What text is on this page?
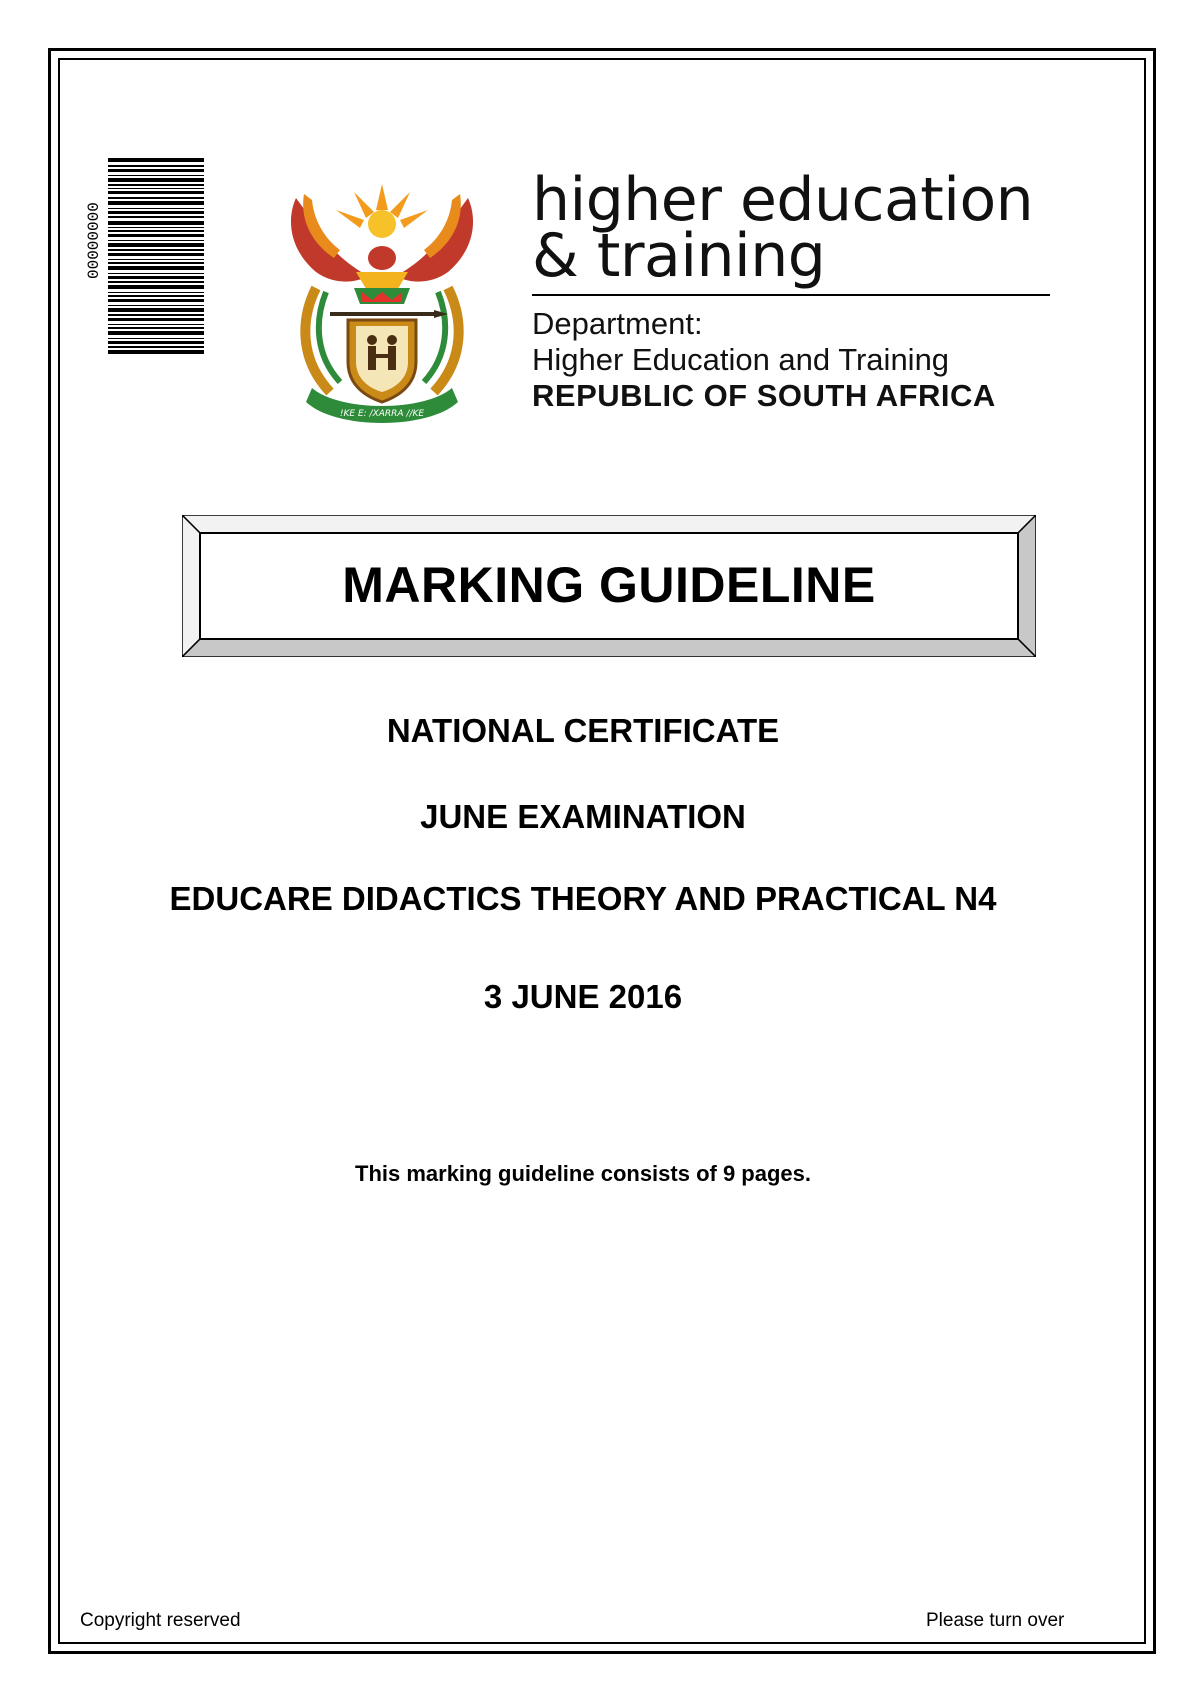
00000000
!KE E: /XARRA //KE
higher education
& training
Department:
Higher Education and Training
REPUBLIC OF SOUTH AFRICA
MARKING GUIDELINE
NATIONAL CERTIFICATE
JUNE EXAMINATION
EDUCARE DIDACTICS THEORY AND PRACTICAL N4
3 JUNE 2016
This marking guideline consists of 9 pages.
Copyright reserved	Please turn over
